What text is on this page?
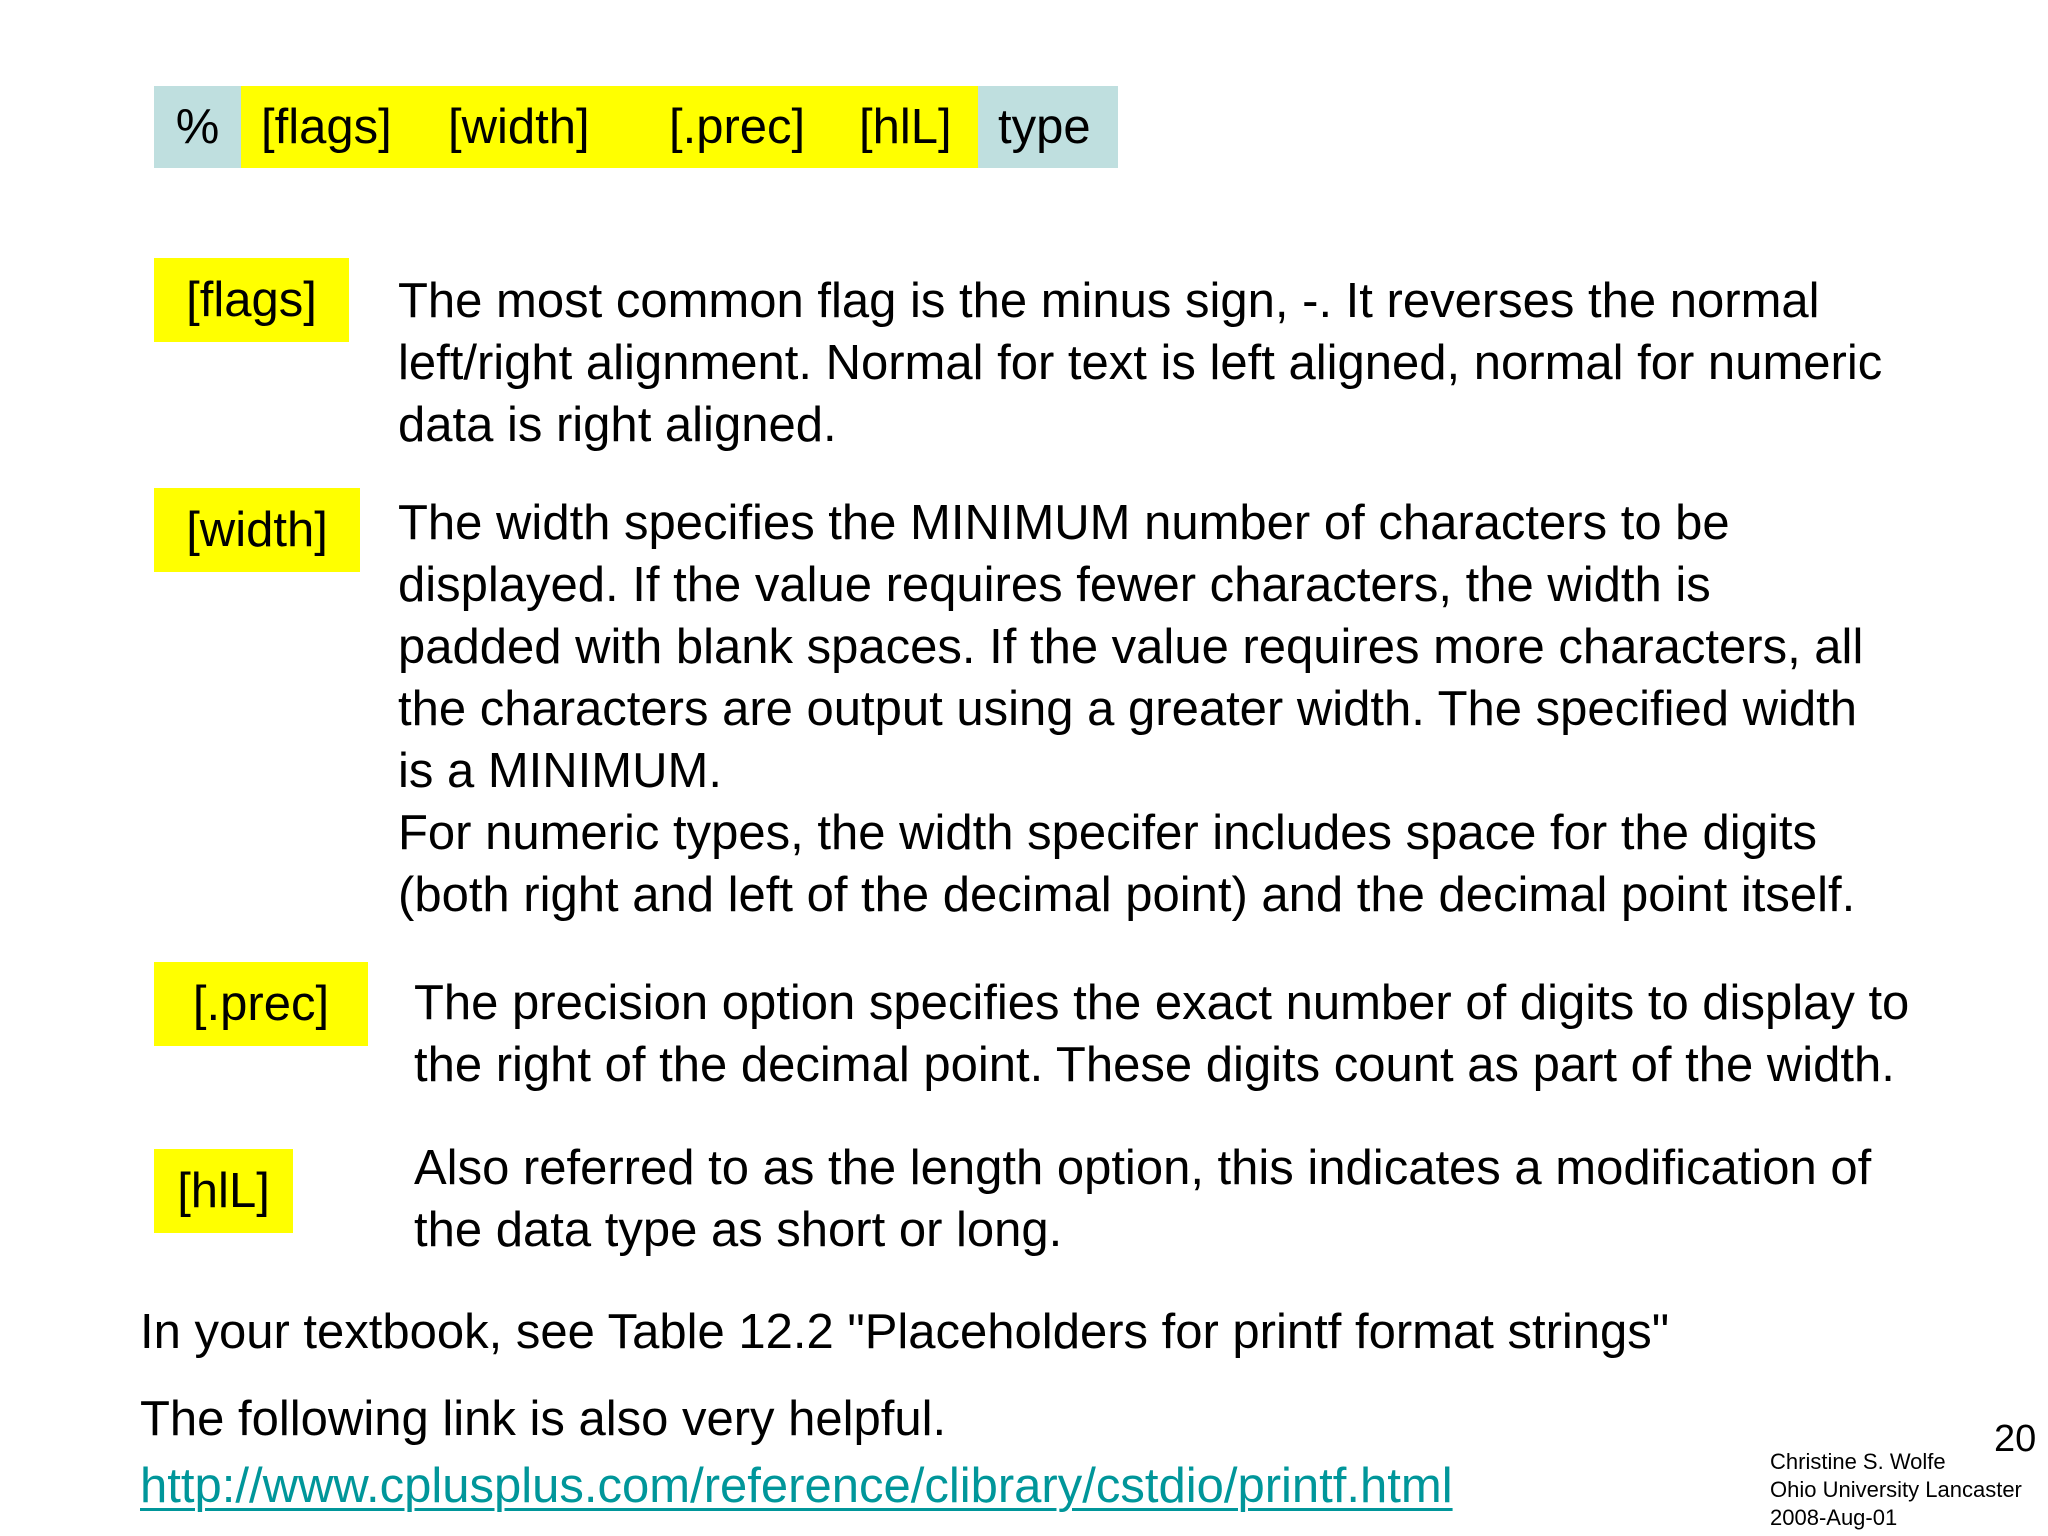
% [flags] [width] [.prec] [hlL] type
[flags]	The most common flag is the minus sign, -. It reverses the normal
left/right alignment. Normal for text is left aligned, normal for numeric
data is right aligned.
[width]	The width specifies the MINIMUM number of characters to be
displayed. If the value requires fewer characters, the width is
padded with blank spaces. If the value requires more characters, all
the characters are output using a greater width. The specified width
is a MINIMUM.
For numeric types, the width specifer includes space for the digits
(both right and left of the decimal point) and the decimal point itself.
[.prec]	The precision option specifies the exact number of digits to display to
the right of the decimal point. These digits count as part of the width.
[hlL]	Also referred to as the length option, this indicates a modification of
the data type as short or long.
In your textbook, see Table 12.2 "Placeholders for printf format strings"
The following link is also very helpful.
http://www.cplusplus.com/reference/clibrary/cstdio/printf.html
20
Christine S. Wolfe
Ohio University Lancaster
2008-Aug-01
